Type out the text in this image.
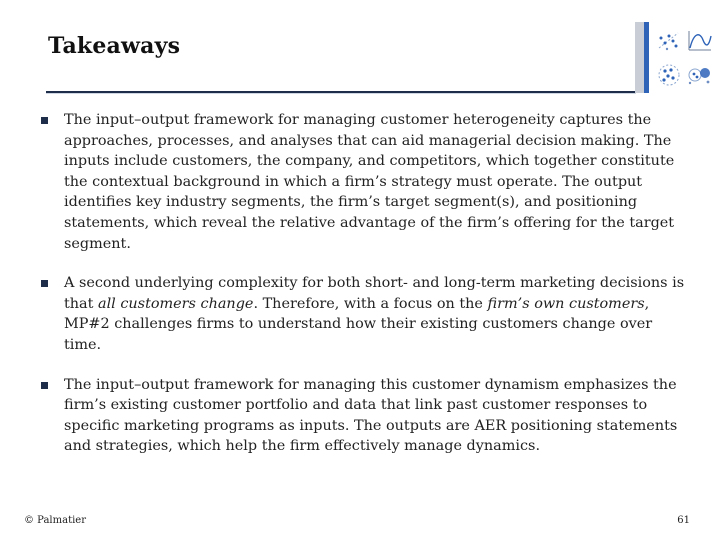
Takeaways
The input–output framework for managing customer heterogeneity captures the approaches, processes, and analyses that can aid managerial decision making. The inputs include customers, the company, and competitors, which together constitute the contextual background in which a firm’s strategy must operate. The output identifies key industry segments, the firm’s target segment(s), and positioning statements, which reveal the relative advantage of the firm’s offering for the target segment.
A second underlying complexity for both short- and long-term marketing decisions is that all customers change. Therefore, with a focus on the firm’s own customers, MP#2 challenges firms to understand how their existing customers change over time.
The input–output framework for managing this customer dynamism emphasizes the firm’s existing customer portfolio and data that link past customer responses to specific marketing programs as inputs. The outputs are AER positioning statements and strategies, which help the firm effectively manage dynamics.
© Palmatier	61
